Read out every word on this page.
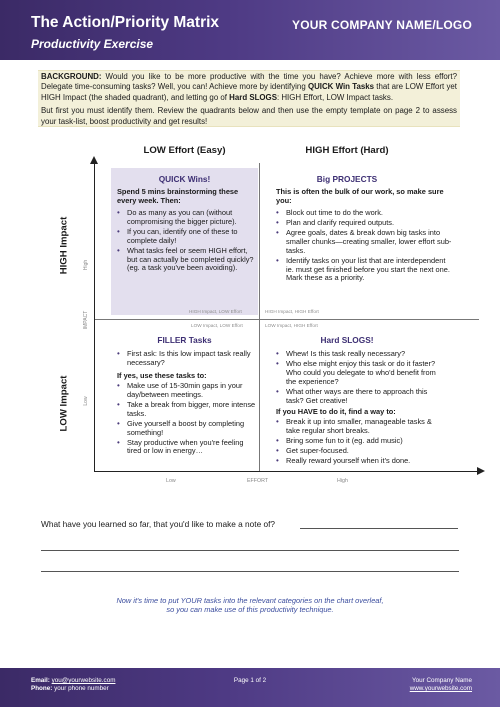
The Action/Priority Matrix
Productivity Exercise
YOUR COMPANY NAME/LOGO

BACKGROUND: Would you like to be more productive with the time you have? Achieve more with less effort? Delegate time-consuming tasks? Well, you can! Achieve more by identifying QUICK Win Tasks that are LOW Effort yet HIGH Impact (the shaded quadrant), and letting go of Hard SLOGS: HIGH Effort, LOW Impact tasks.

But first you must identify them. Review the quadrants below and then use the empty template on page 2 to assess your task-list, boost productivity and get results!

LOW Effort (Easy)	HIGH Effort (Hard)
HIGH Impact
LOW Impact
High
IMPACT
Low
Low	EFFORT	High
QUICK Wins!
Spend 5 mins brainstorming these every week. Then:
• Do as many as you can (without compromising the bigger picture).
• If you can, identify one of these to complete daily!
• What tasks feel or seem HIGH effort, but can actually be completed quickly? (eg. a task you've been avoiding).
HIGH Impact, LOW Effort
Big PROJECTS
This is often the bulk of our work, so make sure you:
• Block out time to do the work.
• Plan and clarify required outputs.
• Agree goals, dates & break down big tasks into smaller chunks—creating smaller, lower effort sub-tasks.
• Identify tasks on your list that are interdependent ie. must get finished before you start the next one. Mark these as a priority.
HIGH Impact, HIGH Effort
LOW Impact, LOW Effort
FILLER Tasks
• First ask: Is this low impact task really necessary?
If yes, use these tasks to:
• Make use of 15-30min gaps in your day/between meetings.
• Take a break from bigger, more intense tasks.
• Give yourself a boost by completing something!
• Stay productive when you're feeling tired or low in energy…
LOW Impact, HIGH Effort
Hard SLOGS!
• Whew! Is this task really necessary?
• Who else might enjoy this task or do it faster? Who could you delegate to who'd benefit from the experience?
• What other ways are there to approach this task? Get creative!
If you HAVE to do it, find a way to:
• Break it up into smaller, manageable tasks & take regular short breaks.
• Bring some fun to it (eg. add music)
• Get super-focused.
• Really reward yourself when it's done.
What have you learned so far, that you'd like to make a note of?
Now it's time to put YOUR tasks into the relevant categories on the chart overleaf,
so you can make use of this productivity technique.
Email: you@yourwebsite.com
Phone: your phone number
Page 1 of 2	Your Company Name
www.yourwebsite.com
